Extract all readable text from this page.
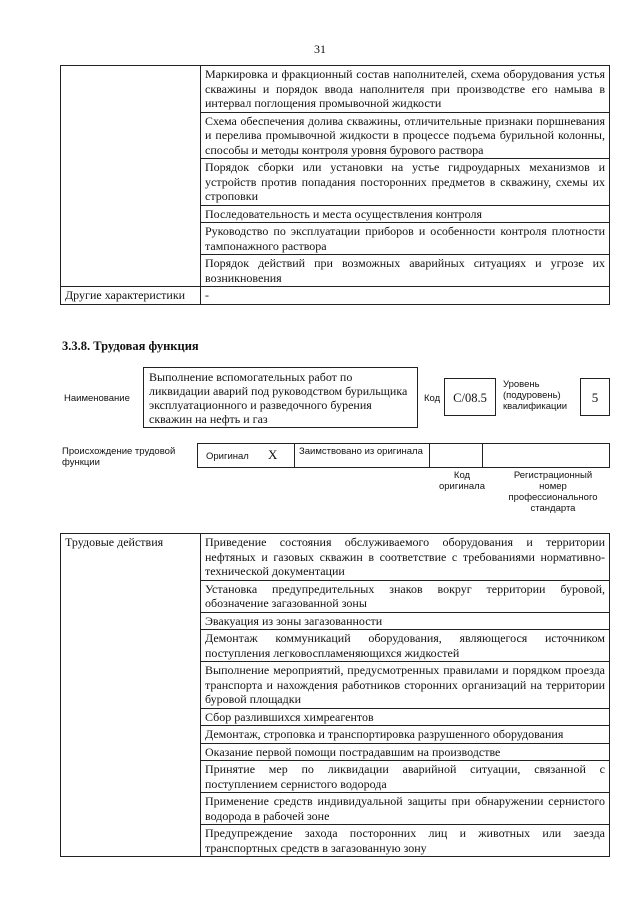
31
	Маркировка и фракционный состав наполнителей, схема оборудования устья скважины и порядок ввода наполнителя при производстве его намыва в интервал поглощения промывочной жидкости
	Схема обеспечения долива скважины, отличительные признаки поршневания и перелива промывочной жидкости в процессе подъема бурильной колонны, способы и методы контроля уровня бурового раствора
	Порядок сборки или установки на устье гидроударных механизмов и устройств против попадания посторонних предметов в скважину, схемы их строповки
	Последовательность и места осуществления контроля
	Руководство по эксплуатации приборов и особенности контроля плотности тампонажного раствора
	Порядок действий при возможных аварийных ситуациях и угрозе их возникновения
Другие характеристики	-
3.3.8. Трудовая функция
Наименование
Выполнение вспомогательных работ по ликвидации аварий под руководством бурильщика эксплуатационного и разведочного бурения скважин на нефть и газ
Код	C/08.5
Уровень (подуровень) квалификации
5
Происхождение трудовой функции
Оригинал X Заимствовано из оригинала
Код оригинала
Регистрационный номер профессионального стандарта
Трудовые действия	Приведение состояния обслуживаемого оборудования и территории нефтяных и газовых скважин в соответствие с требованиями нормативно-технической документации
Установка предупредительных знаков вокруг территории буровой, обозначение загазованной зоны
Эвакуация из зоны загазованности
Демонтаж коммуникаций оборудования, являющегося источником поступления легковоспламеняющихся жидкостей
Выполнение мероприятий, предусмотренных правилами и порядком проезда транспорта и нахождения работников сторонних организаций на территории буровой площадки
Сбор разлившихся химреагентов
Демонтаж, строповка и транспортировка разрушенного оборудования
Оказание первой помощи пострадавшим на производстве
Принятие мер по ликвидации аварийной ситуации, связанной с поступлением сернистого водорода
Применение средств индивидуальной защиты при обнаружении сернистого водорода в рабочей зоне
Предупреждение захода посторонних лиц и животных или заезда транспортных средств в загазованную зону
